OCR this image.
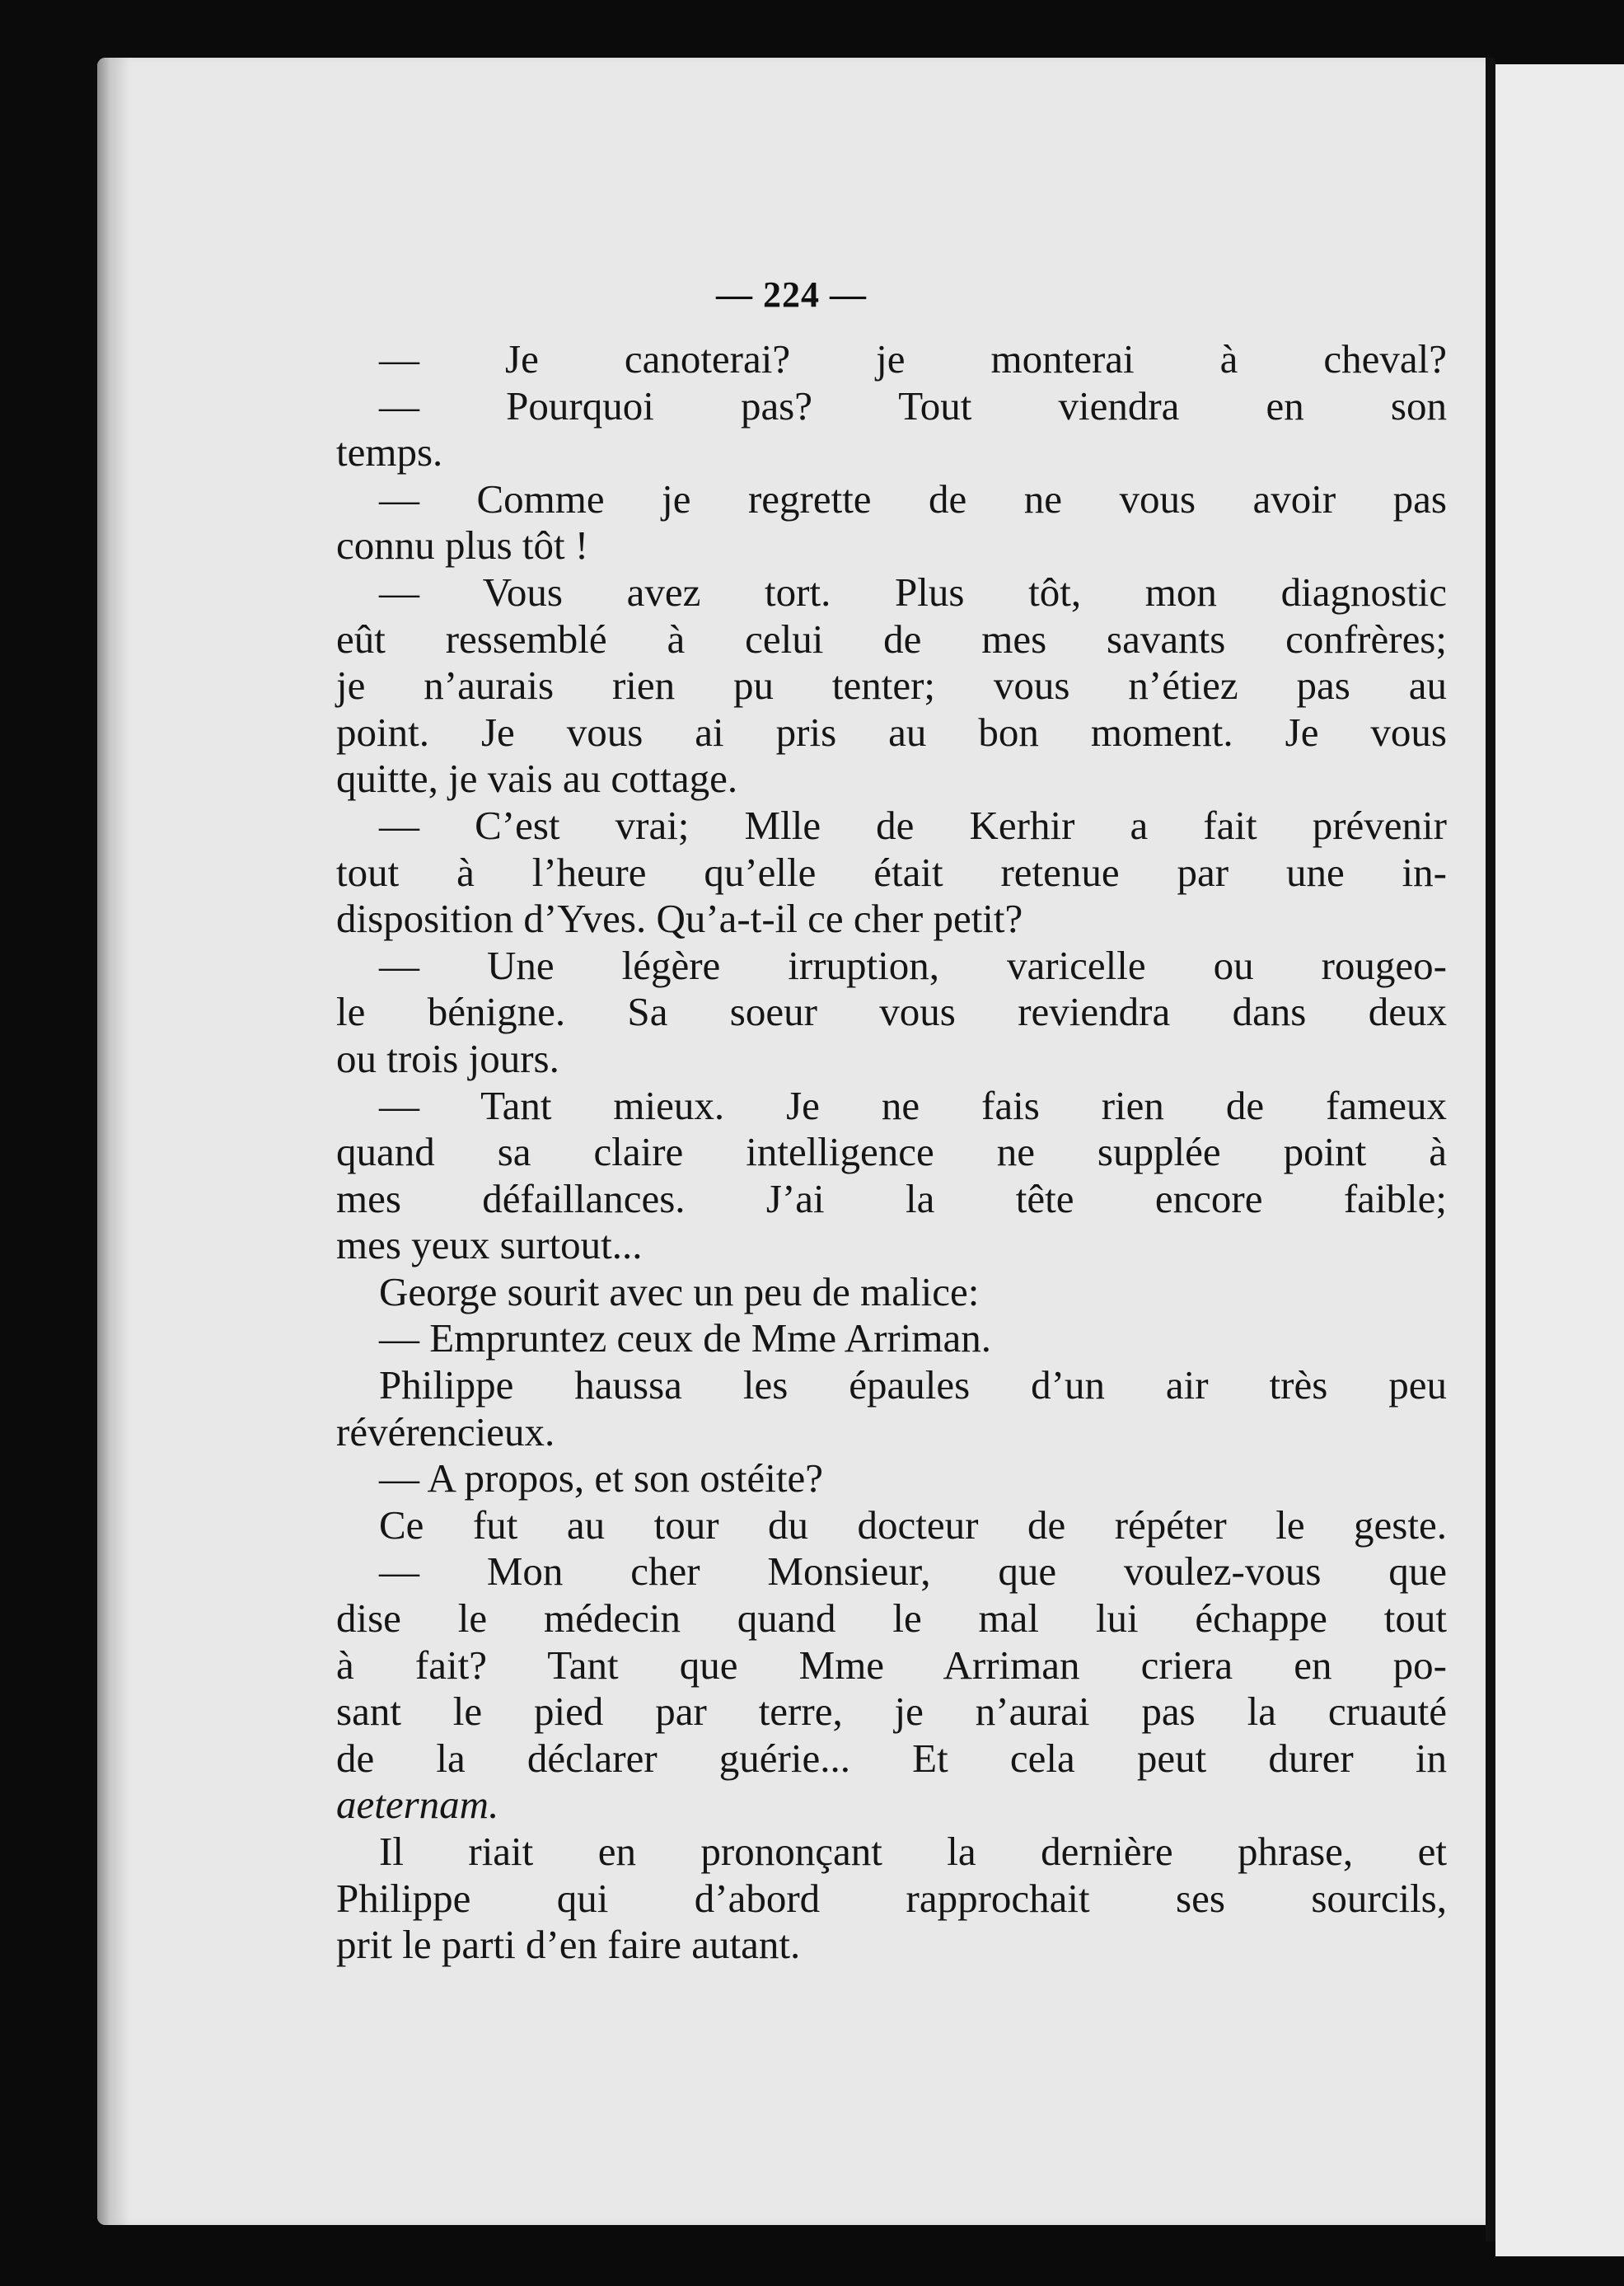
— 224 —
— Je canoterai? je monterai à cheval?
— Pourquoi pas? Tout viendra en son
temps.
— Comme je regrette de ne vous avoir pas
connu plus tôt !
— Vous avez tort. Plus tôt, mon diagnostic
eût ressemblé à celui de mes savants confrères;
je n’aurais rien pu tenter; vous n’étiez pas au
point. Je vous ai pris au bon moment. Je vous
quitte, je vais au cottage.
— C’est vrai; Mlle de Kerhir a fait prévenir
tout à l’heure qu’elle était retenue par une in-
disposition d’Yves. Qu’a-t-il ce cher petit?
— Une légère irruption, varicelle ou rougeo-
le bénigne. Sa soeur vous reviendra dans deux
ou trois jours.
— Tant mieux. Je ne fais rien de fameux
quand sa claire intelligence ne supplée point à
mes défaillances. J’ai la tête encore faible;
mes yeux surtout...
George sourit avec un peu de malice:
— Empruntez ceux de Mme Arriman.
Philippe haussa les épaules d’un air très peu
révérencieux.
— A propos, et son ostéite?
Ce fut au tour du docteur de répéter le geste.
— Mon cher Monsieur, que voulez-vous que
dise le médecin quand le mal lui échappe tout
à fait? Tant que Mme Arriman criera en po-
sant le pied par terre, je n’aurai pas la cruauté
de la déclarer guérie... Et cela peut durer in
aeternam.
Il riait en prononçant la dernière phrase, et
Philippe qui d’abord rapprochait ses sourcils,
prit le parti d’en faire autant.
